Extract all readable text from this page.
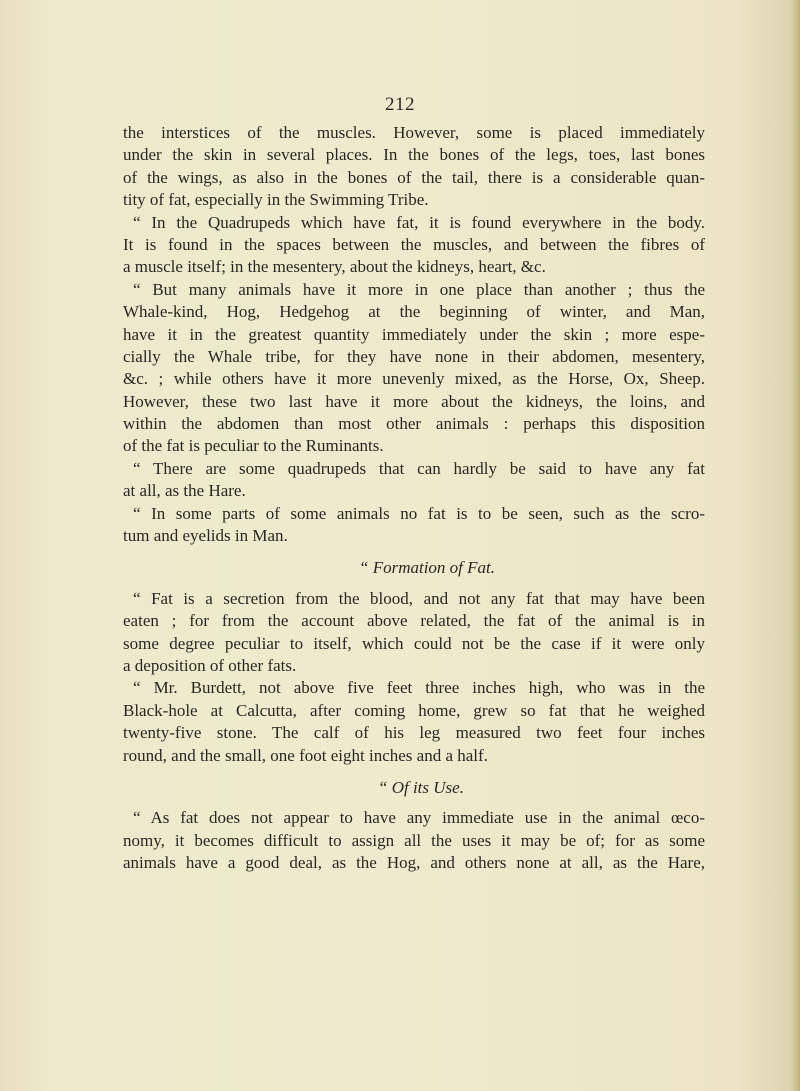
212
the interstices of the muscles. However, some is placed immediately
under the skin in several places. In the bones of the legs, toes, last bones
of the wings, as also in the bones of the tail, there is a considerable quan-
tity of fat, especially in the Swimming Tribe.
“ In the Quadrupeds which have fat, it is found everywhere in the body.
It is found in the spaces between the muscles, and between the fibres of
a muscle itself; in the mesentery, about the kidneys, heart, &c.
“ But many animals have it more in one place than another ; thus the
Whale-kind, Hog, Hedgehog at the beginning of winter, and Man,
have it in the greatest quantity immediately under the skin ; more espe-
cially the Whale tribe, for they have none in their abdomen, mesentery,
&c. ; while others have it more unevenly mixed, as the Horse, Ox, Sheep.
However, these two last have it more about the kidneys, the loins, and
within the abdomen than most other animals : perhaps this disposition
of the fat is peculiar to the Ruminants.
“ There are some quadrupeds that can hardly be said to have any fat
at all, as the Hare.
“ In some parts of some animals no fat is to be seen, such as the scro-
tum and eyelids in Man.
“ Formation of Fat.
“ Fat is a secretion from the blood, and not any fat that may have been
eaten ; for from the account above related, the fat of the animal is in
some degree peculiar to itself, which could not be the case if it were only
a deposition of other fats.
“ Mr. Burdett, not above five feet three inches high, who was in the
Black-hole at Calcutta, after coming home, grew so fat that he weighed
twenty-five stone. The calf of his leg measured two feet four inches
round, and the small, one foot eight inches and a half.
“ Of its Use.
“ As fat does not appear to have any immediate use in the animal œco-
nomy, it becomes difficult to assign all the uses it may be of; for as some
animals have a good deal, as the Hog, and others none at all, as the Hare,
